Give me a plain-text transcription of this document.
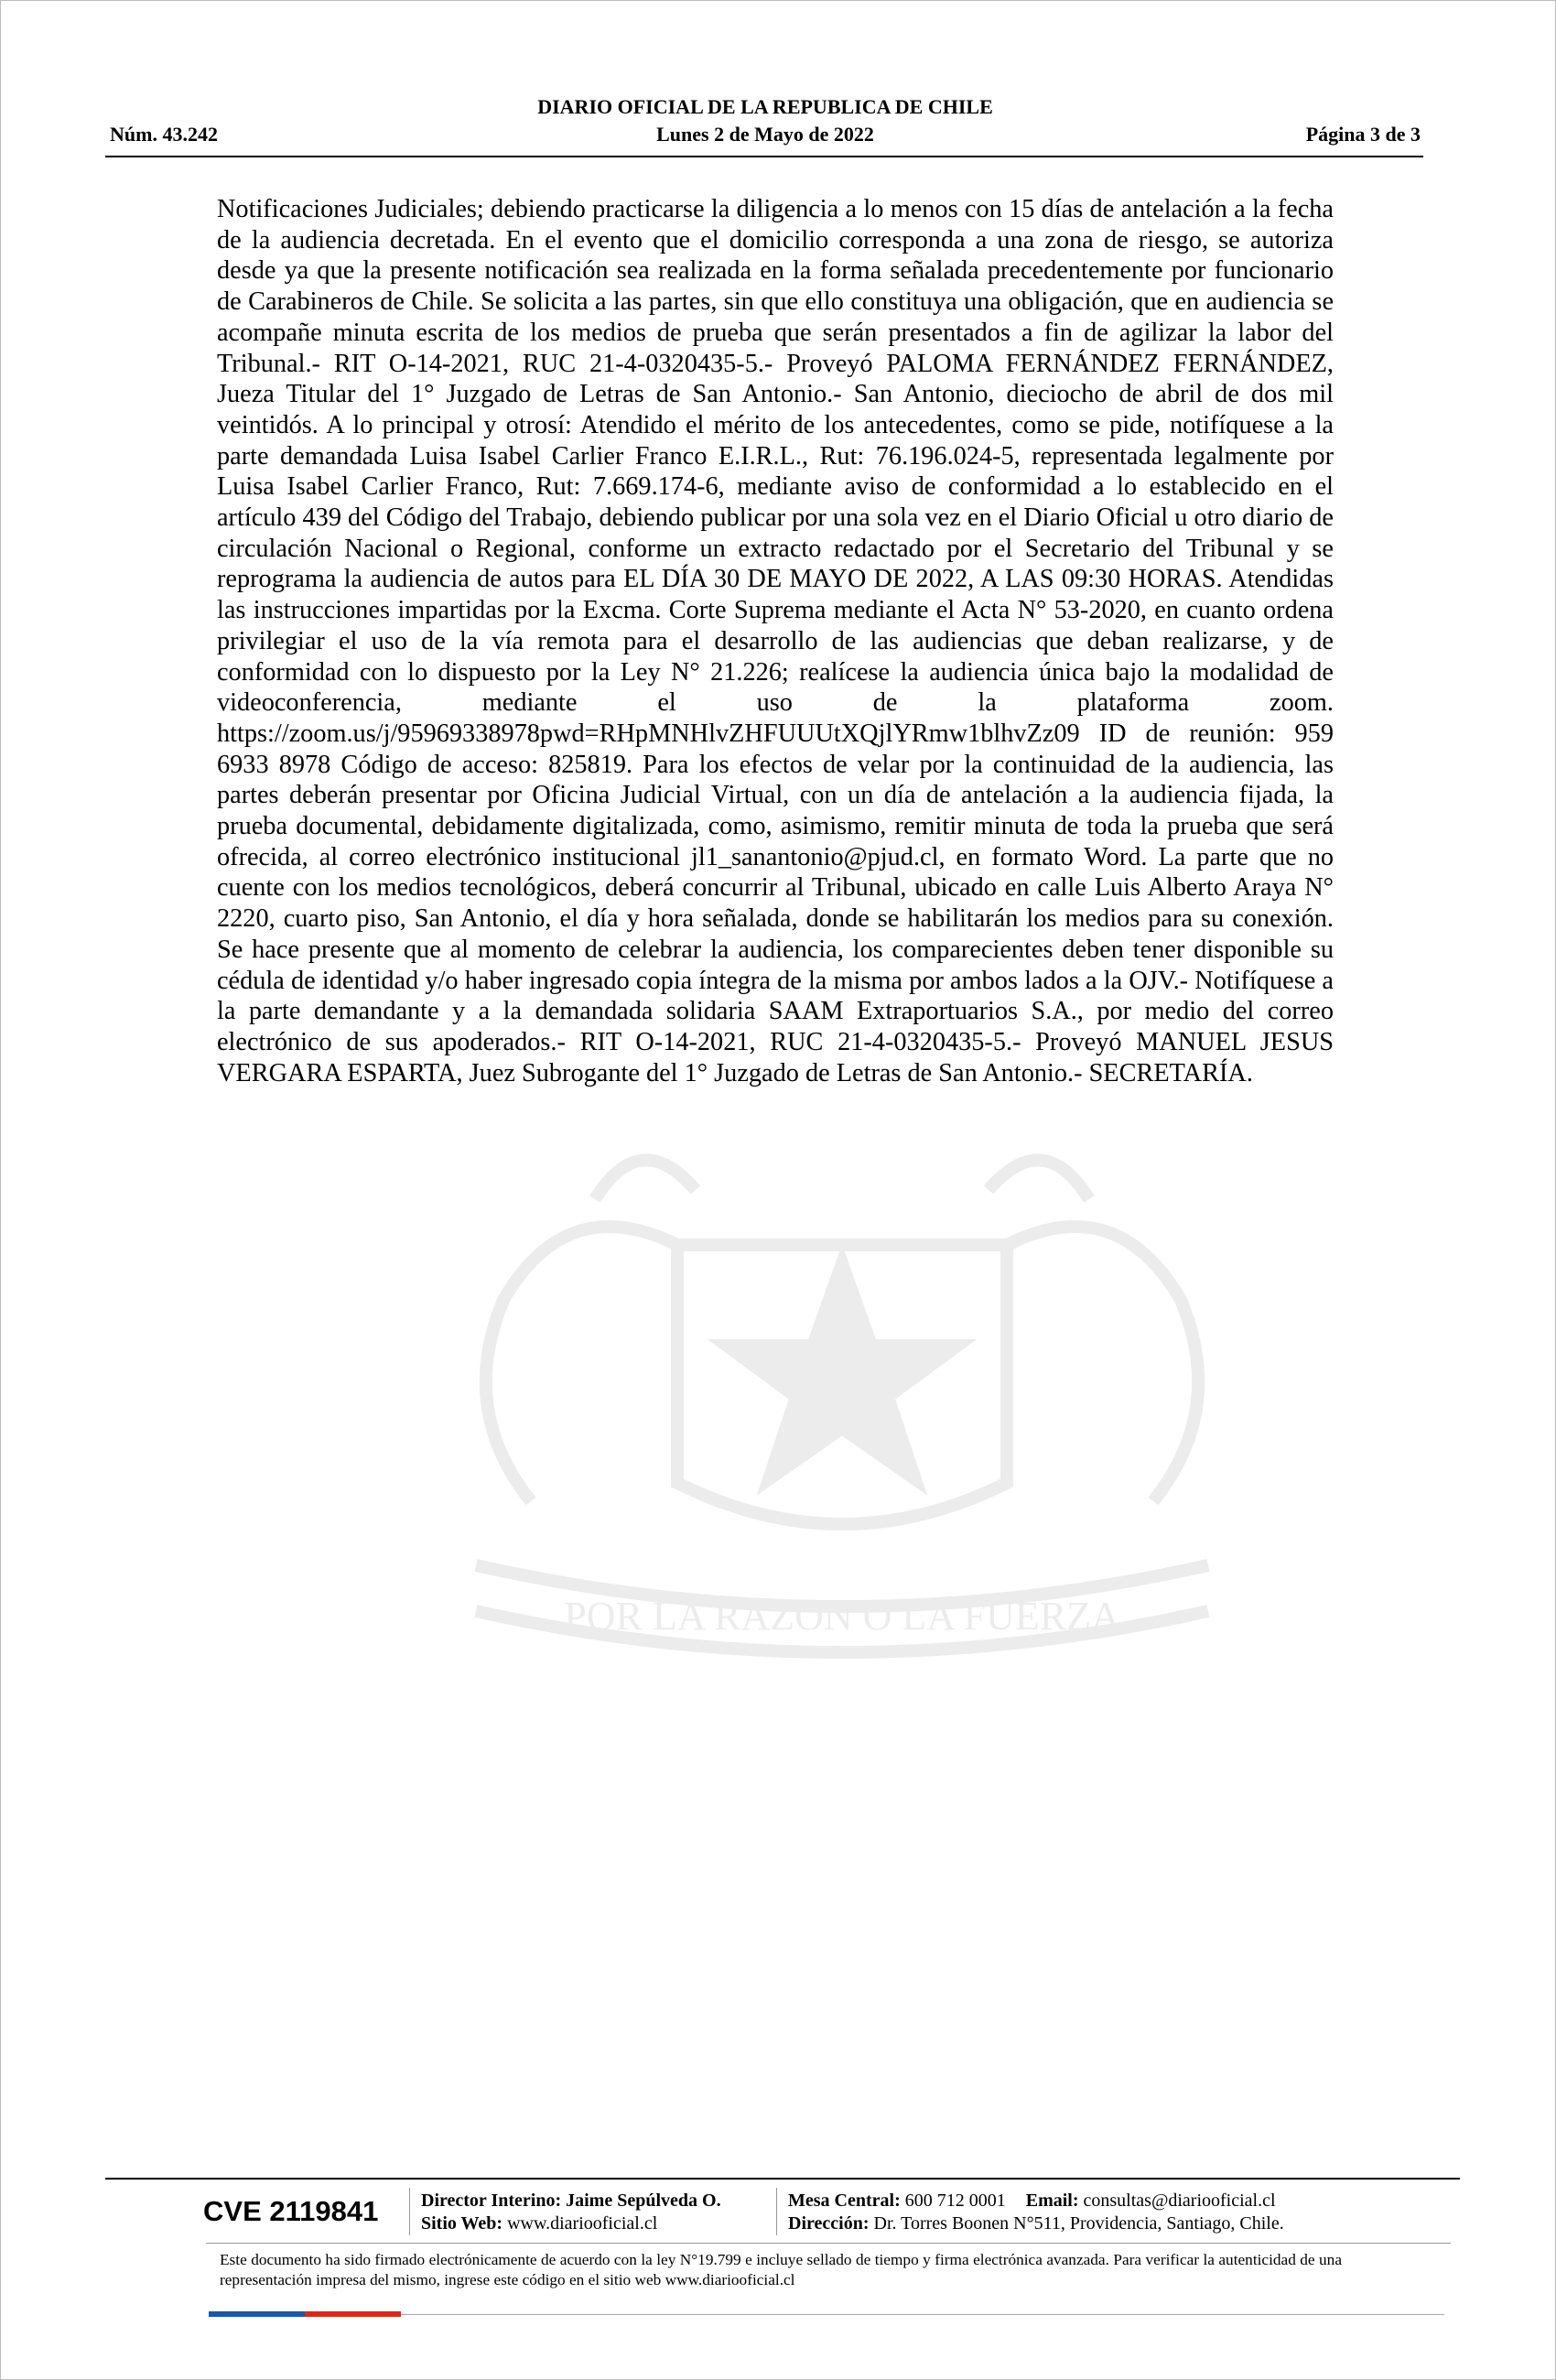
DIARIO OFICIAL DE LA REPUBLICA DE CHILE
Núm. 43.242	Lunes 2 de Mayo de 2022	Página 3 de 3
POR LA RAZON O LA FUERZA

Notificaciones Judiciales; debiendo practicarse la diligencia a lo menos con 15 días de antelación a la fecha de la audiencia decretada. En el evento que el domicilio corresponda a una zona de riesgo, se autoriza desde ya que la presente notificación sea realizada en la forma señalada precedentemente por funcionario de Carabineros de Chile. Se solicita a las partes, sin que ello constituya una obligación, que en audiencia se acompañe minuta escrita de los medios de prueba que serán presentados a fin de agilizar la labor del Tribunal.- RIT O-14-2021, RUC 21-4-0320435-5.- Proveyó PALOMA FERNÁNDEZ FERNÁNDEZ, Jueza Titular del 1° Juzgado de Letras de San Antonio.- San Antonio, dieciocho de abril de dos mil veintidós. A lo principal y otrosí: Atendido el mérito de los antecedentes, como se pide, notifíquese a la parte demandada Luisa Isabel Carlier Franco E.I.R.L., Rut: 76.196.024-5, representada legalmente por Luisa Isabel Carlier Franco, Rut: 7.669.174-6, mediante aviso de conformidad a lo establecido en el artículo 439 del Código del Trabajo, debiendo publicar por una sola vez en el Diario Oficial u otro diario de circulación Nacional o Regional, conforme un extracto redactado por el Secretario del Tribunal y se reprograma la audiencia de autos para EL DÍA 30 DE MAYO DE 2022, A LAS 09:30 HORAS. Atendidas las instrucciones impartidas por la Excma. Corte Suprema mediante el Acta N° 53-2020, en cuanto ordena privilegiar el uso de la vía remota para el desarrollo de las audiencias que deban realizarse, y de conformidad con lo dispuesto por la Ley N° 21.226; realícese la audiencia única bajo la modalidad de videoconferencia, mediante el uso de la plataforma zoom. https://zoom.us/j/95969338978pwd=RHpMNHlvZHFUUUtXQjlYRmw1blhvZz09 ID de reunión: 959 6933 8978 Código de acceso: 825819. Para los efectos de velar por la continuidad de la audiencia, las partes deberán presentar por Oficina Judicial Virtual, con un día de antelación a la audiencia fijada, la prueba documental, debidamente digitalizada, como, asimismo, remitir minuta de toda la prueba que será ofrecida, al correo electrónico institucional jl1_sanantonio@pjud.cl, en formato Word. La parte que no cuente con los medios tecnológicos, deberá concurrir al Tribunal, ubicado en calle Luis Alberto Araya N° 2220, cuarto piso, San Antonio, el día y hora señalada, donde se habilitarán los medios para su conexión. Se hace presente que al momento de celebrar la audiencia, los comparecientes deben tener disponible su cédula de identidad y/o haber ingresado copia íntegra de la misma por ambos lados a la OJV.- Notifíquese a la parte demandante y a la demandada solidaria SAAM Extraportuarios S.A., por medio del correo electrónico de sus apoderados.- RIT O-14-2021, RUC 21-4-0320435-5.- Proveyó MANUEL JESUS VERGARA ESPARTA, Juez Subrogante del 1° Juzgado de Letras de San Antonio.- SECRETARÍA.

CVE 2119841 Director Interino: Jaime Sepúlveda O.
Sitio Web: www.diariooficial.cl
Mesa Central: 600 712 0001 Email: consultas@diariooficial.cl
Dirección: Dr. Torres Boonen N°511, Providencia, Santiago, Chile.
Este documento ha sido firmado electrónicamente de acuerdo con la ley N°19.799 e incluye sellado de tiempo y firma electrónica avanzada. Para verificar la autenticidad de una representación impresa del mismo, ingrese este código en el sitio web www.diariooficial.cl
